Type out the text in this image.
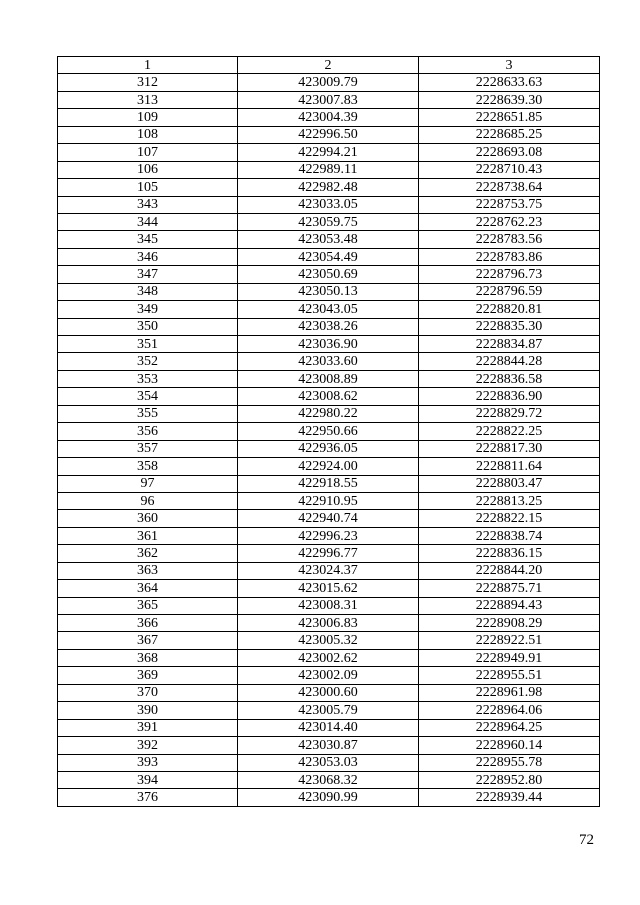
1	2	3
312	423009.79	2228633.63
313	423007.83	2228639.30
109	423004.39	2228651.85
108	422996.50	2228685.25
107	422994.21	2228693.08
106	422989.11	2228710.43
105	422982.48	2228738.64
343	423033.05	2228753.75
344	423059.75	2228762.23
345	423053.48	2228783.56
346	423054.49	2228783.86
347	423050.69	2228796.73
348	423050.13	2228796.59
349	423043.05	2228820.81
350	423038.26	2228835.30
351	423036.90	2228834.87
352	423033.60	2228844.28
353	423008.89	2228836.58
354	423008.62	2228836.90
355	422980.22	2228829.72
356	422950.66	2228822.25
357	422936.05	2228817.30
358	422924.00	2228811.64
97	422918.55	2228803.47
96	422910.95	2228813.25
360	422940.74	2228822.15
361	422996.23	2228838.74
362	422996.77	2228836.15
363	423024.37	2228844.20
364	423015.62	2228875.71
365	423008.31	2228894.43
366	423006.83	2228908.29
367	423005.32	2228922.51
368	423002.62	2228949.91
369	423002.09	2228955.51
370	423000.60	2228961.98
390	423005.79	2228964.06
391	423014.40	2228964.25
392	423030.87	2228960.14
393	423053.03	2228955.78
394	423068.32	2228952.80
376	423090.99	2228939.44
72
